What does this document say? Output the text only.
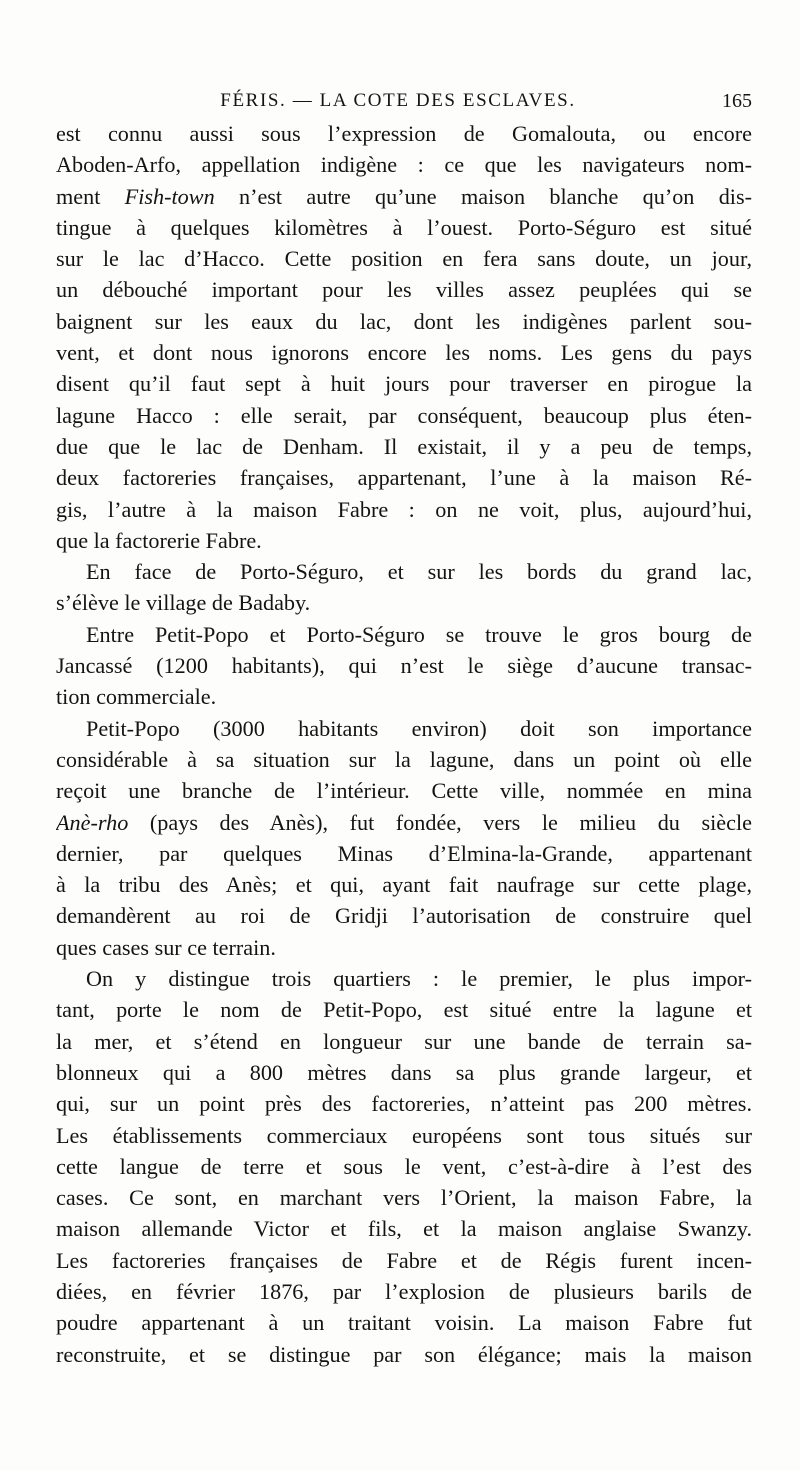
FÉRIS. — LA COTE DES ESCLAVES.	165
est connu aussi sous l’expression de Gomalouta, ou encore
Aboden-Arfo, appellation indigène : ce que les navigateurs nom-
ment Fish-town n’est autre qu’une maison blanche qu’on dis-
tingue à quelques kilomètres à l’ouest. Porto-Séguro est situé
sur le lac d’Hacco. Cette position en fera sans doute, un jour,
un débouché important pour les villes assez peuplées qui se
baignent sur les eaux du lac, dont les indigènes parlent sou-
vent, et dont nous ignorons encore les noms. Les gens du pays
disent qu’il faut sept à huit jours pour traverser en pirogue la
lagune Hacco : elle serait, par conséquent, beaucoup plus éten-
due que le lac de Denham. Il existait, il y a peu de temps,
deux factoreries françaises, appartenant, l’une à la maison Ré-
gis, l’autre à la maison Fabre : on ne voit, plus, aujourd’hui,
que la factorerie Fabre.
En face de Porto-Séguro, et sur les bords du grand lac,
s’élève le village de Badaby.
Entre Petit-Popo et Porto-Séguro se trouve le gros bourg de
Jancassé (1200 habitants), qui n’est le siège d’aucune transac-
tion commerciale.
Petit-Popo (3000 habitants environ) doit son importance
considérable à sa situation sur la lagune, dans un point où elle
reçoit une branche de l’intérieur. Cette ville, nommée en mina
Anè-rho (pays des Anès), fut fondée, vers le milieu du siècle
dernier, par quelques Minas d’Elmina-la-Grande, appartenant
à la tribu des Anès; et qui, ayant fait naufrage sur cette plage,
demandèrent au roi de Gridji l’autorisation de construire quel
ques cases sur ce terrain.
On y distingue trois quartiers : le premier, le plus impor-
tant, porte le nom de Petit-Popo, est situé entre la lagune et
la mer, et s’étend en longueur sur une bande de terrain sa-
blonneux qui a 800 mètres dans sa plus grande largeur, et
qui, sur un point près des factoreries, n’atteint pas 200 mètres.
Les établissements commerciaux européens sont tous situés sur
cette langue de terre et sous le vent, c’est-à-dire à l’est des
cases. Ce sont, en marchant vers l’Orient, la maison Fabre, la
maison allemande Victor et fils, et la maison anglaise Swanzy.
Les factoreries françaises de Fabre et de Régis furent incen-
diées, en février 1876, par l’explosion de plusieurs barils de
poudre appartenant à un traitant voisin. La maison Fabre fut
reconstruite, et se distingue par son élégance; mais la maison
